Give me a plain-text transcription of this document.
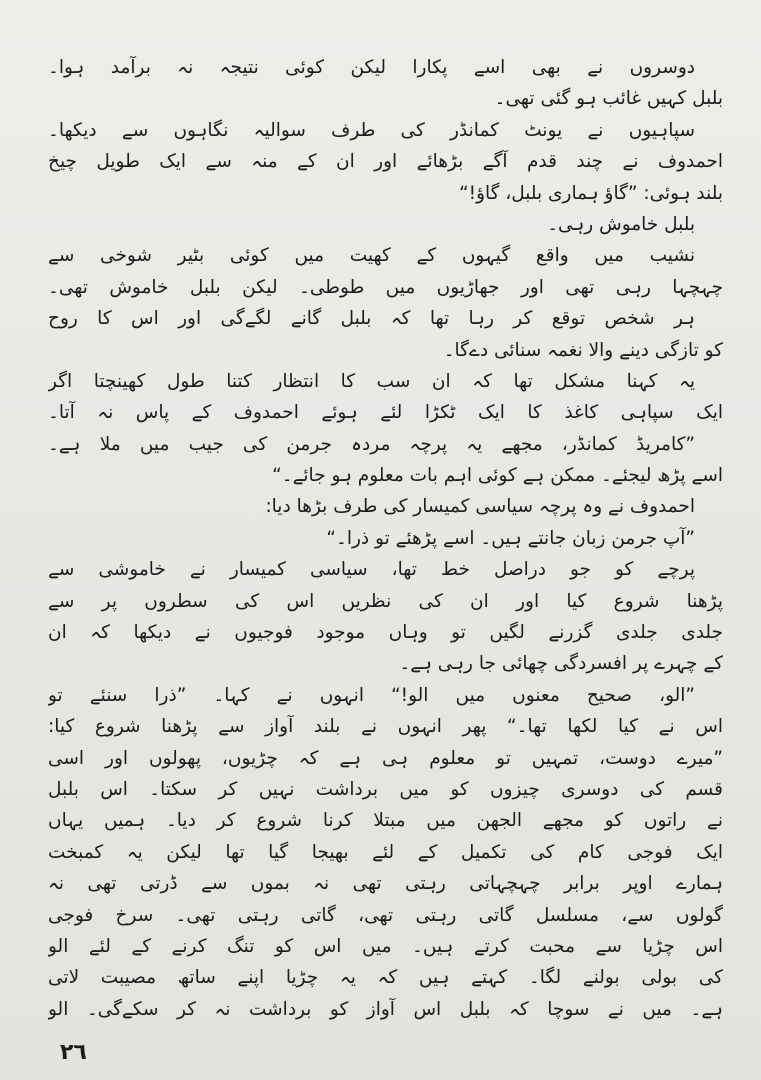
دوسروں نے بھی اسے پکارا لیکن کوئی نتیجہ نہ برآمد ہوا۔
بلبل کہیں غائب ہو گئی تھی۔
سپاہیوں نے یونٹ کمانڈر کی طرف سوالیہ نگاہوں سے دیکھا۔
احمدوف نے چند قدم آگے بڑھائے اور ان کے منہ سے ایک طویل چیخ
بلند ہوئی: ”گاؤ ہماری بلبل، گاؤ!“
بلبل خاموش رہی۔
نشیب میں واقع گیہوں کے کھیت میں کوئی بٹیر شوخی سے
چہچہا رہی تھی اور جھاڑیوں میں طوطی۔ لیکن بلبل خاموش تھی۔
ہر شخص توقع کر رہا تھا کہ بلبل گانے لگےگی اور اس کا روح
کو تازگی دینے والا نغمہ سنائی دےگا۔
یہ کہنا مشکل تھا کہ ان سب کا انتظار کتنا طول کھینچتا اگر
ایک سپاہی کاغذ کا ایک ٹکڑا لئے ہوئے احمدوف کے پاس نہ آتا۔
”کامریڈ کمانڈر، مجھے یہ پرچہ مردہ جرمن کی جیب میں ملا ہے۔
اسے پڑھ لیجئے۔ ممکن ہے کوئی اہم بات معلوم ہو جائے۔“
احمدوف نے وہ پرچہ سیاسی کمیسار کی طرف بڑھا دیا:
”آپ جرمن زبان جانتے ہیں۔ اسے پڑھئے تو ذرا۔“
پرچے کو جو دراصل خط تھا، سیاسی کمیسار نے خاموشی سے
پڑھنا شروع کیا اور ان کی نظریں اس کی سطروں پر سے
جلدی جلدی گزرنے لگیں تو وہاں موجود فوجیوں نے دیکھا کہ ان
کے چہرے پر افسردگی چھائی جا رہی ہے۔
”الو، صحیح معنوں میں الو!“ انہوں نے کہا۔ ”ذرا سنئے تو
اس نے کیا لکھا تھا۔“ پھر انہوں نے بلند آواز سے پڑھنا شروع کیا:
”میرے دوست، تمہیں تو معلوم ہی ہے کہ چڑیوں، پھولوں اور اسی
قسم کی دوسری چیزوں کو میں برداشت نہیں کر سکتا۔ اس بلبل
نے راتوں کو مجھے الجھن میں مبتلا کرنا شروع کر دیا۔ ہمیں یہاں
ایک فوجی کام کی تکمیل کے لئے بھیجا گیا تھا لیکن یہ کمبخت
ہمارے اوپر برابر چہچہاتی رہتی تھی نہ بموں سے ڈرتی تھی نہ
گولوں سے، مسلسل گاتی رہتی تھی، گاتی رہتی تھی۔ سرخ فوجی
اس چڑیا سے محبت کرتے ہیں۔ میں اس کو تنگ کرنے کے لئے الو
کی بولی بولنے لگا۔ کہتے ہیں کہ یہ چڑیا اپنے ساتھ مصیبت لاتی
ہے۔ میں نے سوچا کہ بلبل اس آواز کو برداشت نہ کر سکےگی۔ الو
٢٦
